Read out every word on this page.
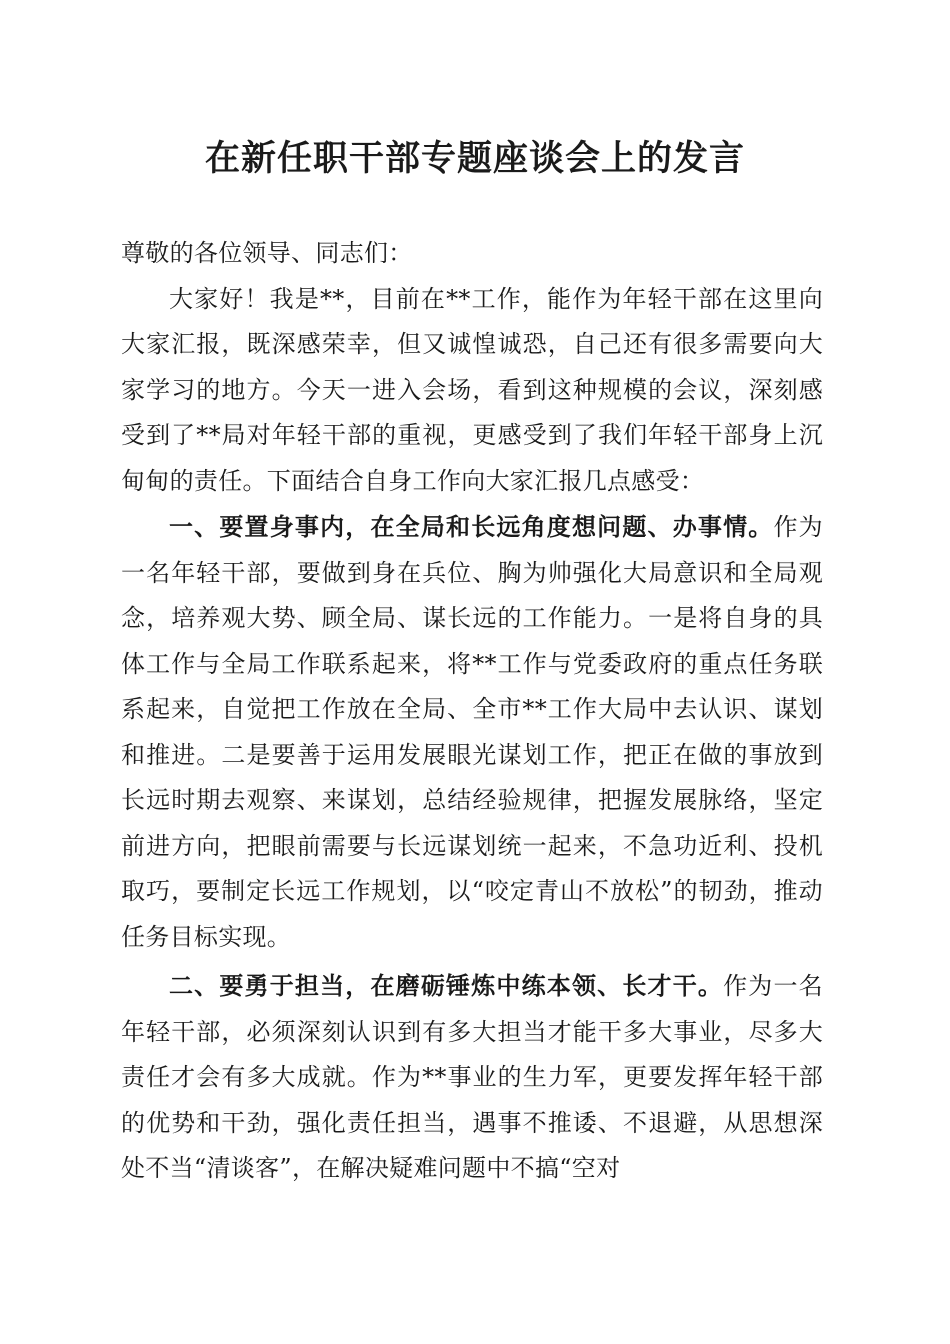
在新任职干部专题座谈会上的发言

尊敬的各位领导、同志们：

大家好！我是**，目前在**工作，能作为年轻干部在这里向大家汇报，既深感荣幸，但又诚惶诚恐，自己还有很多需要向大家学习的地方。今天一进入会场，看到这种规模的会议，深刻感受到了**局对年轻干部的重视，更感受到了我们年轻干部身上沉甸甸的责任。下面结合自身工作向大家汇报几点感受：

一、要置身事内，在全局和长远角度想问题、办事情。作为一名年轻干部，要做到身在兵位、胸为帅强化大局意识和全局观念，培养观大势、顾全局、谋长远的工作能力。一是将自身的具体工作与全局工作联系起来，将**工作与党委政府的重点任务联系起来，自觉把工作放在全局、全市**工作大局中去认识、谋划和推进。二是要善于运用发展眼光谋划工作，把正在做的事放到长远时期去观察、来谋划，总结经验规律，把握发展脉络，坚定前进方向，把眼前需要与长远谋划统一起来，不急功近利、投机取巧，要制定长远工作规划，以“咬定青山不放松”的韧劲，推动任务目标实现。

二、要勇于担当，在磨砺锤炼中练本领、长才干。作为一名年轻干部，必须深刻认识到有多大担当才能干多大事业，尽多大责任才会有多大成就。作为**事业的生力军，更要发挥年轻干部的优势和干劲，强化责任担当，遇事不推诿、不退避，从思想深处不当“清谈客”，在解决疑难问题中不搞“空对
